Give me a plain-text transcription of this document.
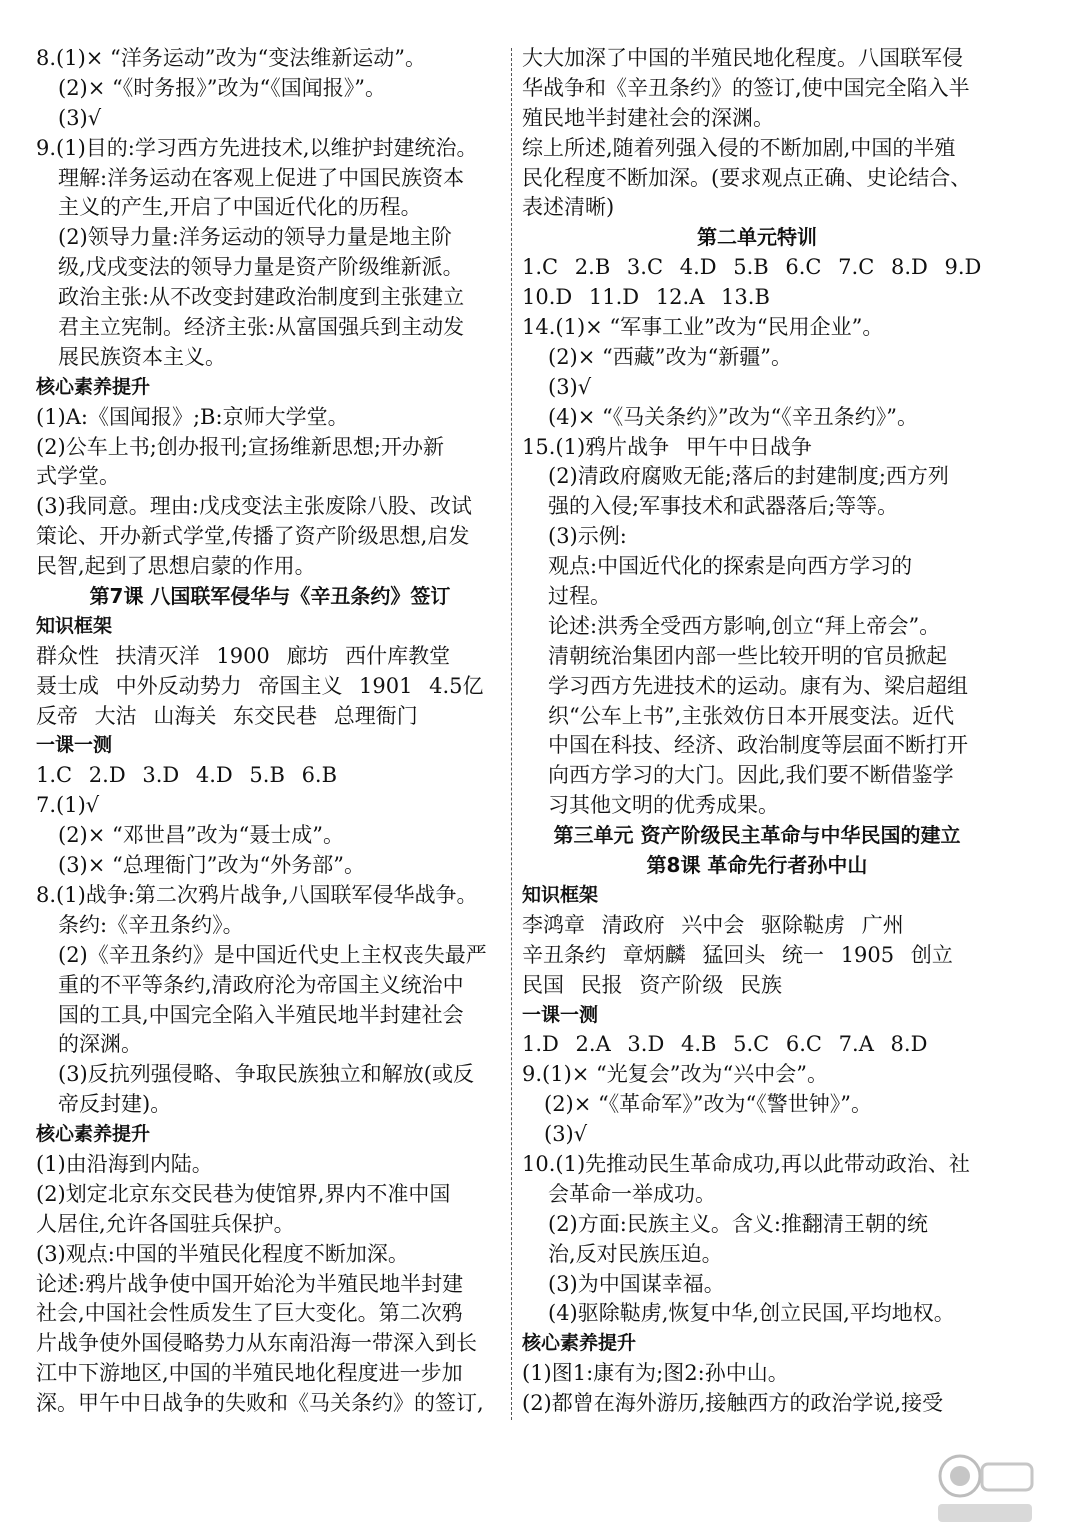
8.(1)× “洋务运动”改为“变法维新运动”。
(2)× “《时务报》”改为“《国闻报》”。
(3)√
9.(1)目的:学习西方先进技术,以维护封建统治。
理解:洋务运动在客观上促进了中国民族资本
主义的产生,开启了中国近代化的历程。
(2)领导力量:洋务运动的领导力量是地主阶
级,戊戌变法的领导力量是资产阶级维新派。
政治主张:从不改变封建政治制度到主张建立
君主立宪制。经济主张:从富国强兵到主动发
展民族资本主义。
核心素养提升
(1)A:《国闻报》;B:京师大学堂。
(2)公车上书;创办报刊;宣扬维新思想;开办新
式学堂。
(3)我同意。理由:戊戌变法主张废除八股、改试
策论、开办新式学堂,传播了资产阶级思想,启发
民智,起到了思想启蒙的作用。
第7课 八国联军侵华与《辛丑条约》签订
知识框架
群众性 扶清灭洋 1900 廊坊 西什库教堂
聂士成 中外反动势力 帝国主义 1901 4.5亿
反帝 大沽 山海关 东交民巷 总理衙门
一课一测
1.C 2.D 3.D 4.D 5.B 6.B
7.(1)√
(2)× “邓世昌”改为“聂士成”。
(3)× “总理衙门”改为“外务部”。
8.(1)战争:第二次鸦片战争,八国联军侵华战争。
条约:《辛丑条约》。
(2)《辛丑条约》是中国近代史上主权丧失最严
重的不平等条约,清政府沦为帝国主义统治中
国的工具,中国完全陷入半殖民地半封建社会
的深渊。
(3)反抗列强侵略、争取民族独立和解放(或反
帝反封建)。
核心素养提升
(1)由沿海到内陆。
(2)划定北京东交民巷为使馆界,界内不准中国
人居住,允许各国驻兵保护。
(3)观点:中国的半殖民化程度不断加深。
论述:鸦片战争使中国开始沦为半殖民地半封建
社会,中国社会性质发生了巨大变化。第二次鸦
片战争使外国侵略势力从东南沿海一带深入到长
江中下游地区,中国的半殖民地化程度进一步加
深。甲午中日战争的失败和《马关条约》的签订,
大大加深了中国的半殖民地化程度。八国联军侵
华战争和《辛丑条约》的签订,使中国完全陷入半
殖民地半封建社会的深渊。
综上所述,随着列强入侵的不断加剧,中国的半殖
民化程度不断加深。(要求观点正确、史论结合、
表述清晰)
第二单元特训
1.C 2.B 3.C 4.D 5.B 6.C 7.C 8.D 9.D
10.D 11.D 12.A 13.B
14.(1)× “军事工业”改为“民用企业”。
(2)× “西藏”改为“新疆”。
(3)√
(4)× “《马关条约》”改为“《辛丑条约》”。
15.(1)鸦片战争 甲午中日战争
(2)清政府腐败无能;落后的封建制度;西方列
强的入侵;军事技术和武器落后;等等。
(3)示例:
观点:中国近代化的探索是向西方学习的
过程。
论述:洪秀全受西方影响,创立“拜上帝会”。
清朝统治集团内部一些比较开明的官员掀起
学习西方先进技术的运动。康有为、梁启超组
织“公车上书”,主张效仿日本开展变法。近代
中国在科技、经济、政治制度等层面不断打开
向西方学习的大门。因此,我们要不断借鉴学
习其他文明的优秀成果。
第三单元 资产阶级民主革命与中华民国的建立
第8课 革命先行者孙中山
知识框架
李鸿章 清政府 兴中会 驱除鞑虏 广州
辛丑条约 章炳麟 猛回头 统一 1905 创立
民国 民报 资产阶级 民族
一课一测
1.D 2.A 3.D 4.B 5.C 6.C 7.A 8.D
9.(1)× “光复会”改为“兴中会”。
(2)× “《革命军》”改为“《警世钟》”。
(3)√
10.(1)先推动民生革命成功,再以此带动政治、社
会革命一举成功。
(2)方面:民族主义。含义:推翻清王朝的统
治,反对民族压迫。
(3)为中国谋幸福。
(4)驱除鞑虏,恢复中华,创立民国,平均地权。
核心素养提升
(1)图1:康有为;图2:孙中山。
(2)都曾在海外游历,接触西方的政治学说,接受
